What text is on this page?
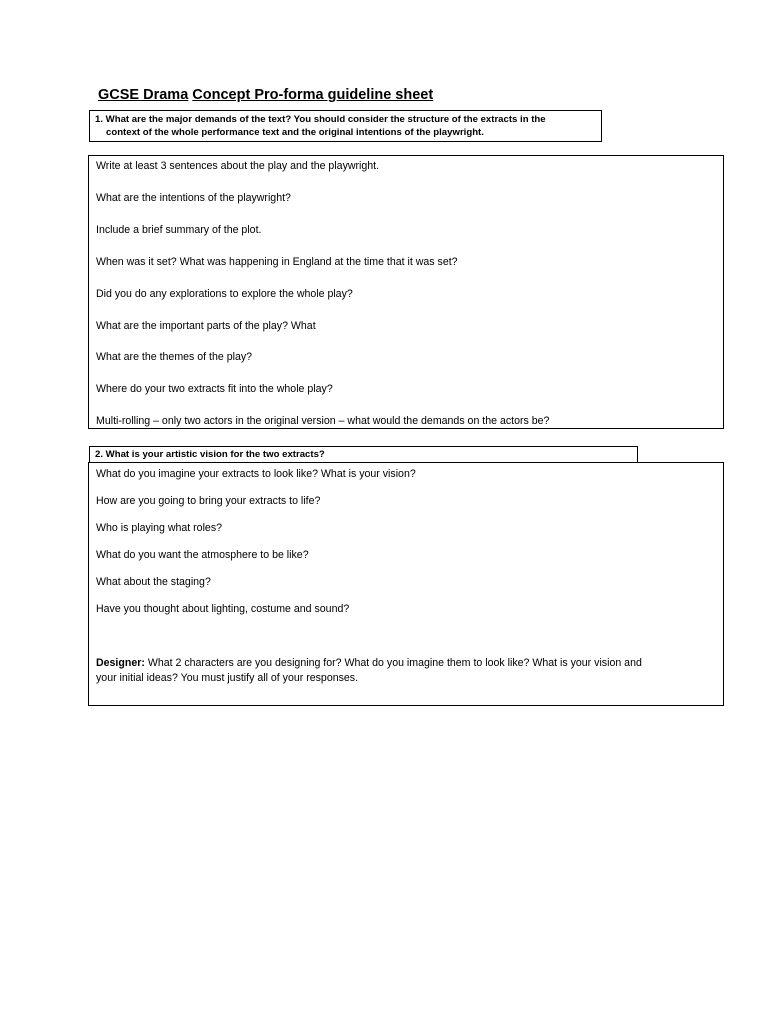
GCSE Drama Concept Pro-forma guideline sheet
1. What are the major demands of the text? You should consider the structure of the extracts in the
context of the whole performance text and the original intentions of the playwright.
Write at least 3 sentences about the play and the playwright.
What are the intentions of the playwright?
Include a brief summary of the plot.
When was it set? What was happening in England at the time that it was set?
Did you do any explorations to explore the whole play?
What are the important parts of the play? What
What are the themes of the play?
Where do your two extracts fit into the whole play?
Multi-rolling – only two actors in the original version – what would the demands on the actors be?
2. What is your artistic vision for the two extracts?
What do you imagine your extracts to look like? What is your vision?
How are you going to bring your extracts to life?
Who is playing what roles?
What do you want the atmosphere to be like?
What about the staging?
Have you thought about lighting, costume and sound?
Designer: What 2 characters are you designing for? What do you imagine them to look like? What is your vision and
your initial ideas? You must justify all of your responses.
